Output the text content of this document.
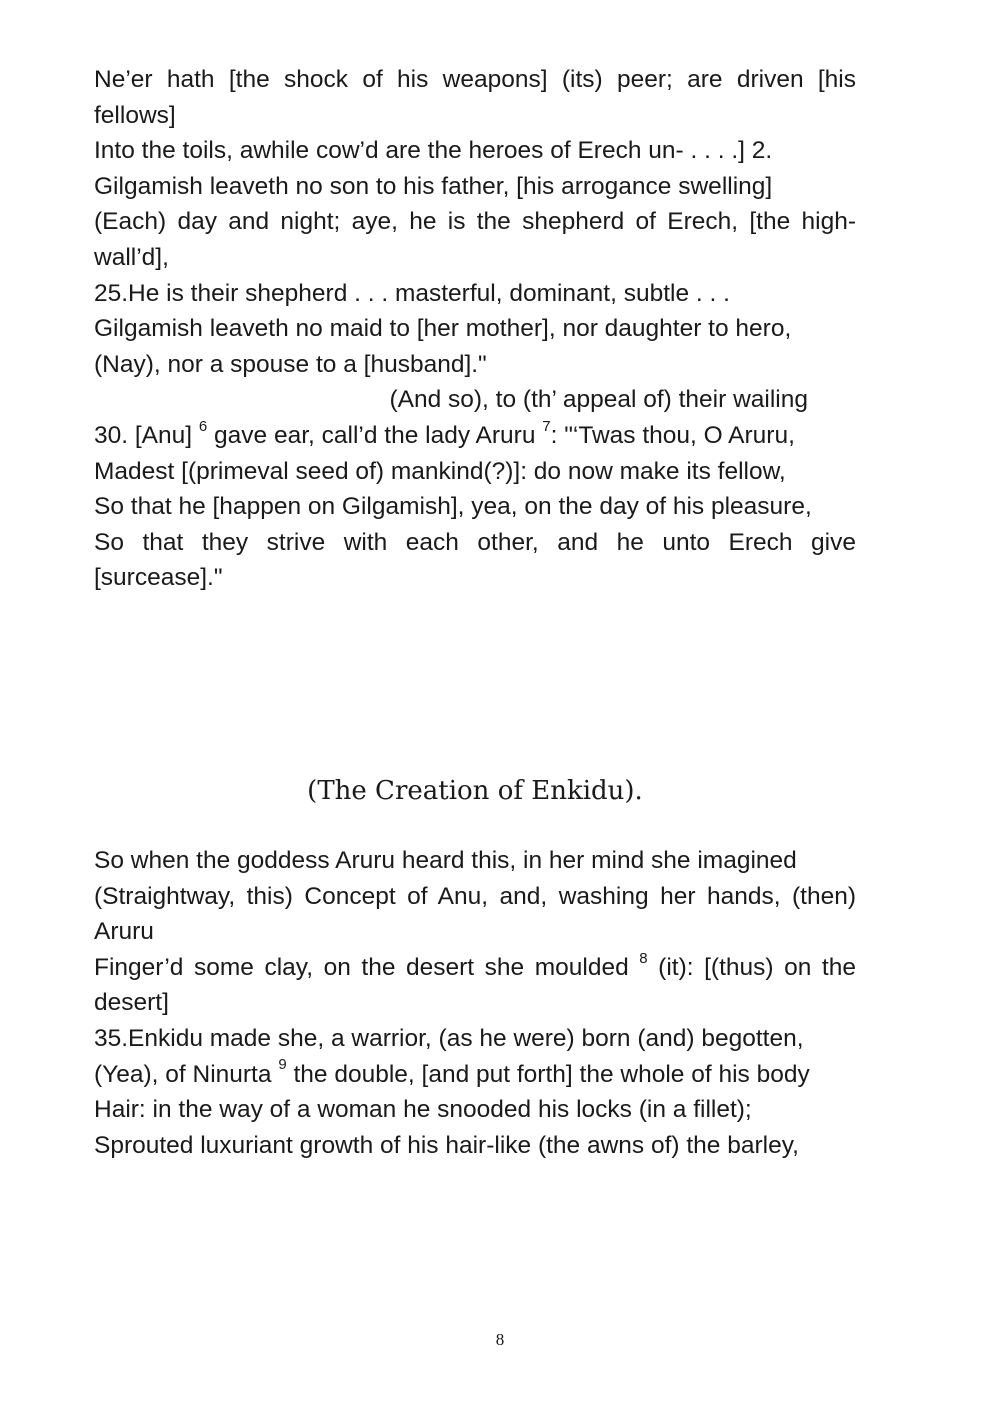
Ne’er hath [the shock of his weapons] (its) peer; are driven [his fellows]

Into the toils, awhile cow’d are the heroes of Erech un- . . . .] 2.

Gilgamish leaveth no son to his father, [his arrogance swelling]

(Each) day and night; aye, he is the shepherd of Erech, [the high-wall’d],

25.He is their shepherd . . . masterful, dominant, subtle . . .

Gilgamish leaveth no maid to [her mother], nor daughter to hero,

(Nay), nor a spouse to a [husband]."

(And so), to (th’ appeal of) their wailing

30. [Anu] $^6$ gave ear, call’d the lady Aruru $^7$: "‘Twas thou, O Aruru,

Madest [(primeval seed of) mankind(?)]: do now make its fellow,

So that he [happen on Gilgamish], yea, on the day of his pleasure,

So that they strive with each other, and he unto Erech give [surcease]."

(The Creation of Enkidu).

So when the goddess Aruru heard this, in her mind she imagined

(Straightway, this) Concept of Anu, and, washing her hands, (then) Aruru

Finger’d some clay, on the desert she moulded $^8$ (it): [(thus) on the desert]

35.Enkidu made she, a warrior, (as he were) born (and) begotten,

(Yea), of Ninurta $^9$ the double, [and put forth] the whole of his body

Hair: in the way of a woman he snooded his locks (in a fillet);

Sprouted luxuriant growth of his hair-like (the awns of) the barley,

8
